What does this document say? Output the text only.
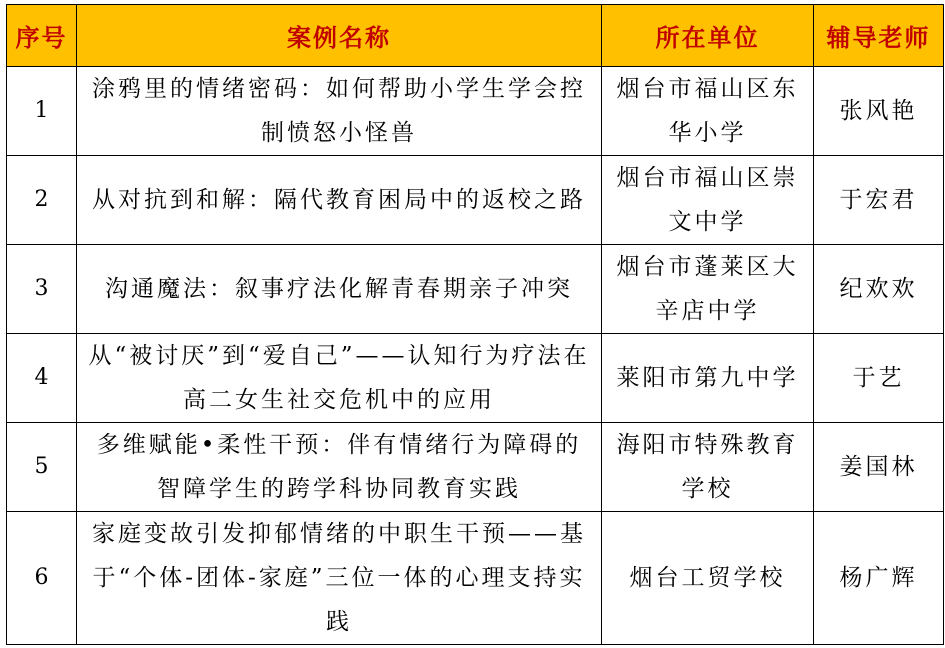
序号	案例名称	所在单位	辅导老师
1	涂鸦里的情绪密码：如何帮助小学生学会控制愤怒小怪兽	烟台市福山区东华小学	张风艳
2	从对抗到和解：隔代教育困局中的返校之路	烟台市福山区崇文中学	于宏君
3	沟通魔法：叙事疗法化解青春期亲子冲突	烟台市蓬莱区大辛店中学	纪欢欢
4	从“被讨厌”到“爱自己”——认知行为疗法在高二女生社交危机中的应用	莱阳市第九中学	于艺
5	多维赋能•柔性干预：伴有情绪行为障碍的智障学生的跨学科协同教育实践	海阳市特殊教育学校	姜国林
6	家庭变故引发抑郁情绪的中职生干预——基于“个体-团体-家庭”三位一体的心理支持实践	烟台工贸学校	杨广辉
